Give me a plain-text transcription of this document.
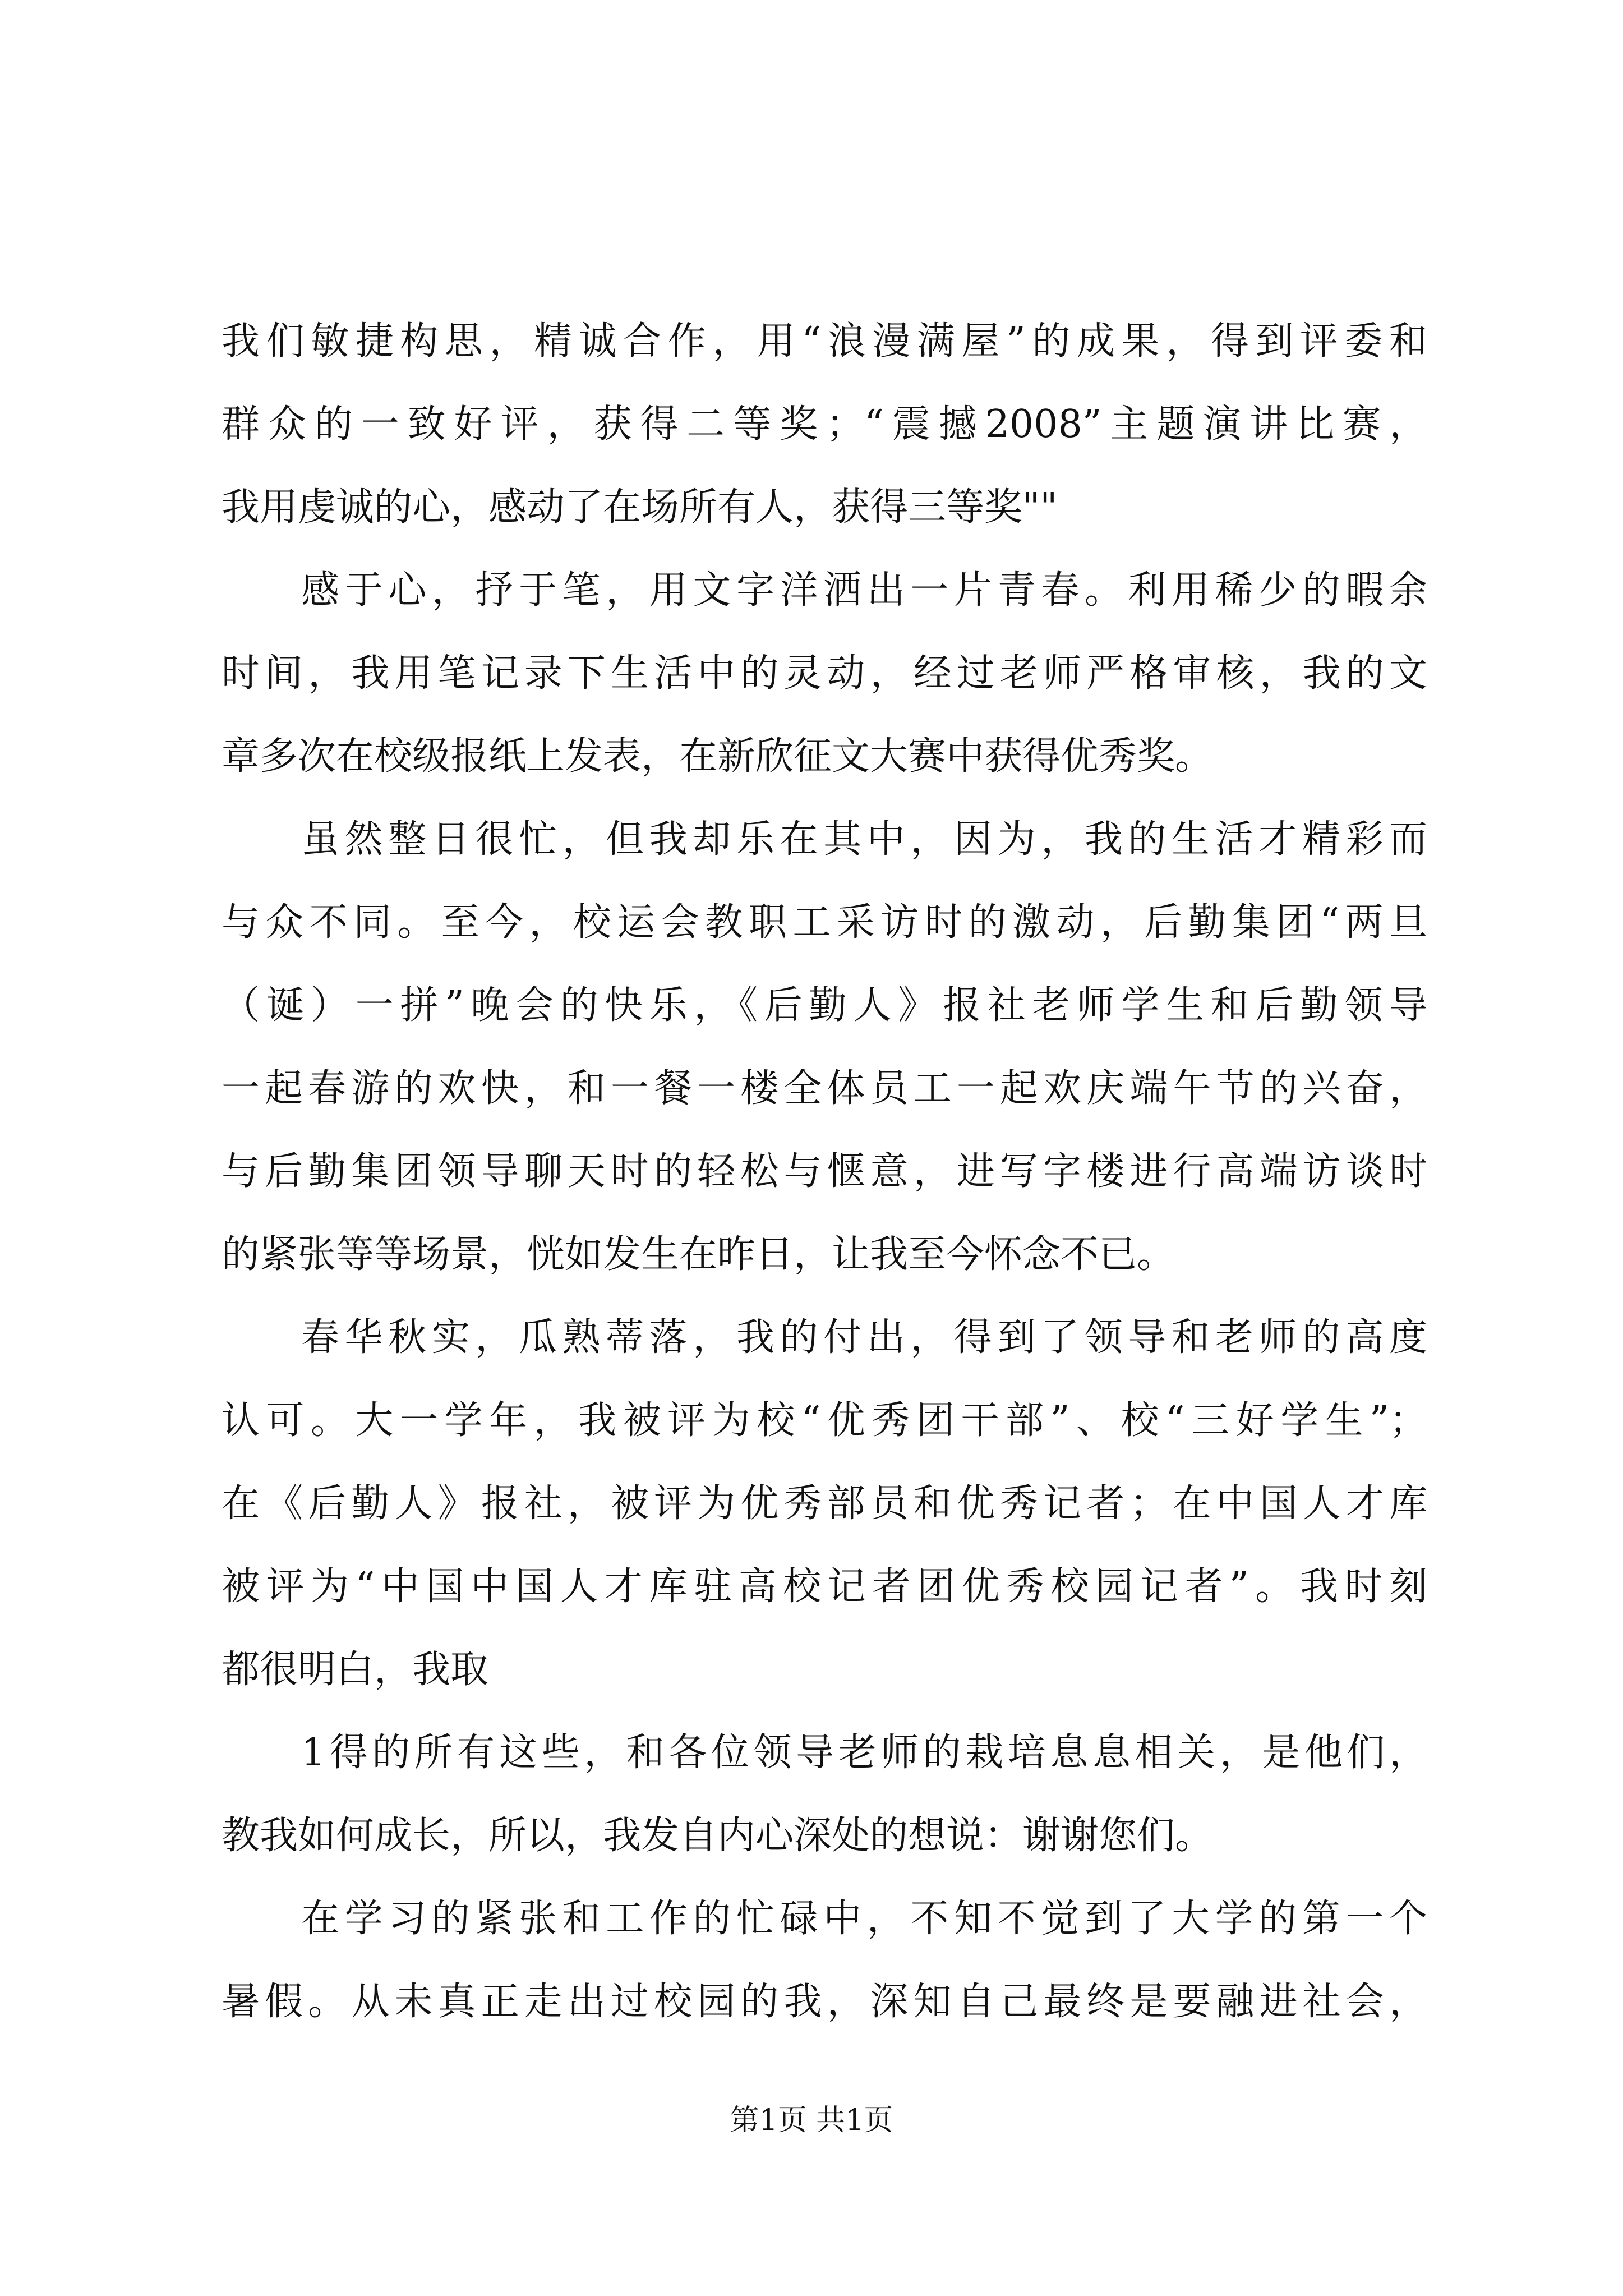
我们敏捷构思，精诚合作，用“浪漫满屋”的成果，得到评委和
群众的一致好评，获得二等奖；“震撼2008”主题演讲比赛，
我用虔诚的心，感动了在场所有人，获得三等奖""
感于心，抒于笔，用文字洋洒出一片青春。利用稀少的暇余
时间，我用笔记录下生活中的灵动，经过老师严格审核，我的文
章多次在校级报纸上发表，在新欣征文大赛中获得优秀奖。
虽然整日很忙，但我却乐在其中，因为，我的生活才精彩而
与众不同。至今，校运会教职工采访时的激动，后勤集团“两旦
（诞）一拼”晚会的快乐，《后勤人》报社老师学生和后勤领导
一起春游的欢快，和一餐一楼全体员工一起欢庆端午节的兴奋，
与后勤集团领导聊天时的轻松与惬意，进写字楼进行高端访谈时
的紧张等等场景，恍如发生在昨日，让我至今怀念不已。
春华秋实，瓜熟蒂落，我的付出，得到了领导和老师的高度
认可。大一学年，我被评为校“优秀团干部”、校“三好学生”；
在《后勤人》报社，被评为优秀部员和优秀记者；在中国人才库
被评为“中国中国人才库驻高校记者团优秀校园记者”。我时刻
都很明白，我取
1得的所有这些，和各位领导老师的栽培息息相关，是他们，
教我如何成长，所以，我发自内心深处的想说：谢谢您们。
在学习的紧张和工作的忙碌中，不知不觉到了大学的第一个
暑假。从未真正走出过校园的我，深知自己最终是要融进社会，
第1页 共1页
